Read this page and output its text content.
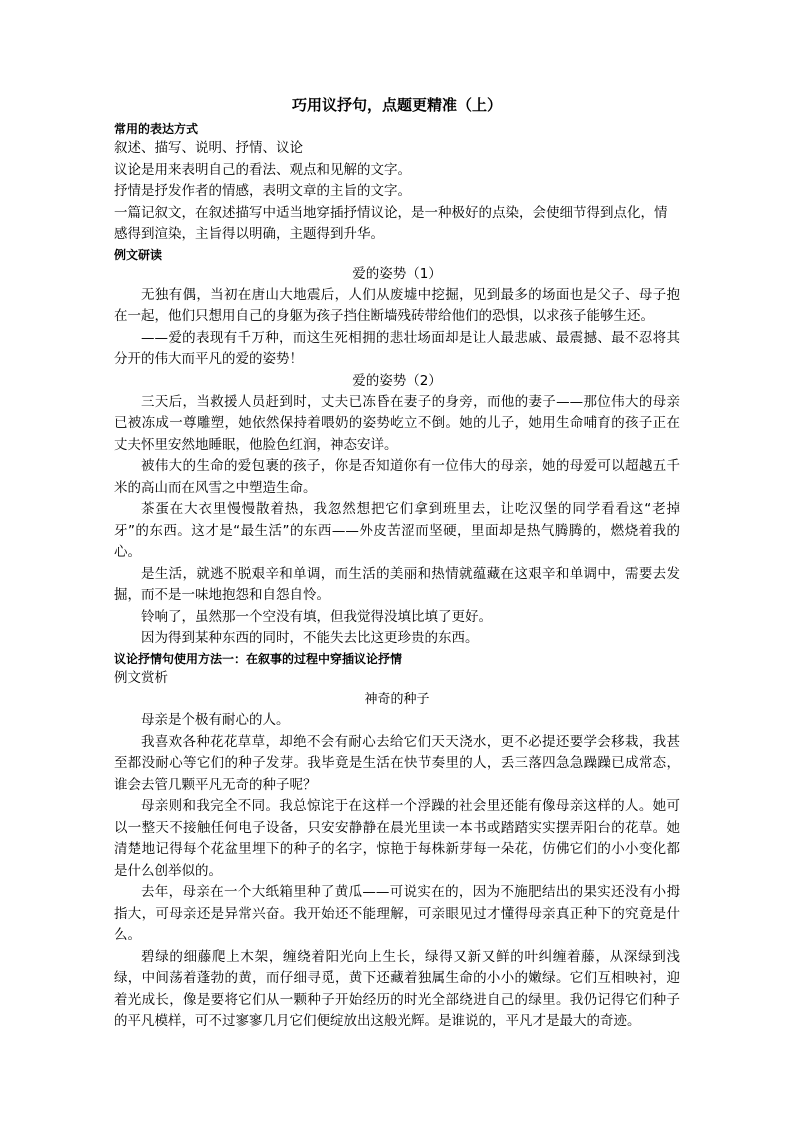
巧用议抒句，点题更精准（上）

常用的表达方式

叙述、描写、说明、抒情、议论

议论是用来表明自己的看法、观点和见解的文字。

抒情是抒发作者的情感，表明文章的主旨的文字。

一篇记叙文，在叙述描写中适当地穿插抒情议论，是一种极好的点染，会使细节得到点化，情感得到渲染，主旨得以明确，主题得到升华。

例文研读

爱的姿势（1）

无独有偶，当初在唐山大地震后，人们从废墟中挖掘，见到最多的场面也是父子、母子抱在一起，他们只想用自己的身躯为孩子挡住断墙残砖带给他们的恐惧，以求孩子能够生还。

——爱的表现有千万种，而这生死相拥的悲壮场面却是让人最悲戚、最震撼、最不忍将其分开的伟大而平凡的爱的姿势！

爱的姿势（2）

三天后，当救援人员赶到时，丈夫已冻昏在妻子的身旁，而他的妻子——那位伟大的母亲已被冻成一尊雕塑，她依然保持着喂奶的姿势屹立不倒。她的儿子，她用生命哺育的孩子正在丈夫怀里安然地睡眠，他脸色红润，神态安详。

被伟大的生命的爱包裹的孩子，你是否知道你有一位伟大的母亲，她的母爱可以超越五千米的高山而在风雪之中塑造生命。

茶蛋在大衣里慢慢散着热，我忽然想把它们拿到班里去，让吃汉堡的同学看看这“老掉牙”的东西。这才是“最生活”的东西——外皮苦涩而坚硬，里面却是热气腾腾的，燃烧着我的心。

是生活，就逃不脱艰辛和单调，而生活的美丽和热情就蕴藏在这艰辛和单调中，需要去发掘，而不是一味地抱怨和自怨自怜。

铃响了，虽然那一个空没有填，但我觉得没填比填了更好。

因为得到某种东西的同时，不能失去比这更珍贵的东西。

议论抒情句使用方法一：在叙事的过程中穿插议论抒情

例文赏析

神奇的种子

母亲是个极有耐心的人。

我喜欢各种花花草草，却绝不会有耐心去给它们天天浇水，更不必提还要学会移栽，我甚至都没耐心等它们的种子发芽。我毕竟是生活在快节奏里的人，丢三落四急急躁躁已成常态，谁会去管几颗平凡无奇的种子呢？

母亲则和我完全不同。我总惊诧于在这样一个浮躁的社会里还能有像母亲这样的人。她可以一整天不接触任何电子设备，只安安静静在晨光里读一本书或踏踏实实摆弄阳台的花草。她清楚地记得每个花盆里埋下的种子的名字，惊艳于每株新芽每一朵花，仿佛它们的小小变化都是什么创举似的。

去年，母亲在一个大纸箱里种了黄瓜——可说实在的，因为不施肥结出的果实还没有小拇指大，可母亲还是异常兴奋。我开始还不能理解，可亲眼见过才懂得母亲真正种下的究竟是什么。

碧绿的细藤爬上木架，缠绕着阳光向上生长，绿得又新又鲜的叶纠缠着藤，从深绿到浅绿，中间荡着蓬勃的黄，而仔细寻觅，黄下还藏着独属生命的小小的嫩绿。它们互相映衬，迎着光成长，像是要将它们从一颗种子开始经历的时光全部绕进自己的绿里。我仍记得它们种子的平凡模样，可不过寥寥几月它们便绽放出这般光辉。是谁说的，平凡才是最大的奇迹。
